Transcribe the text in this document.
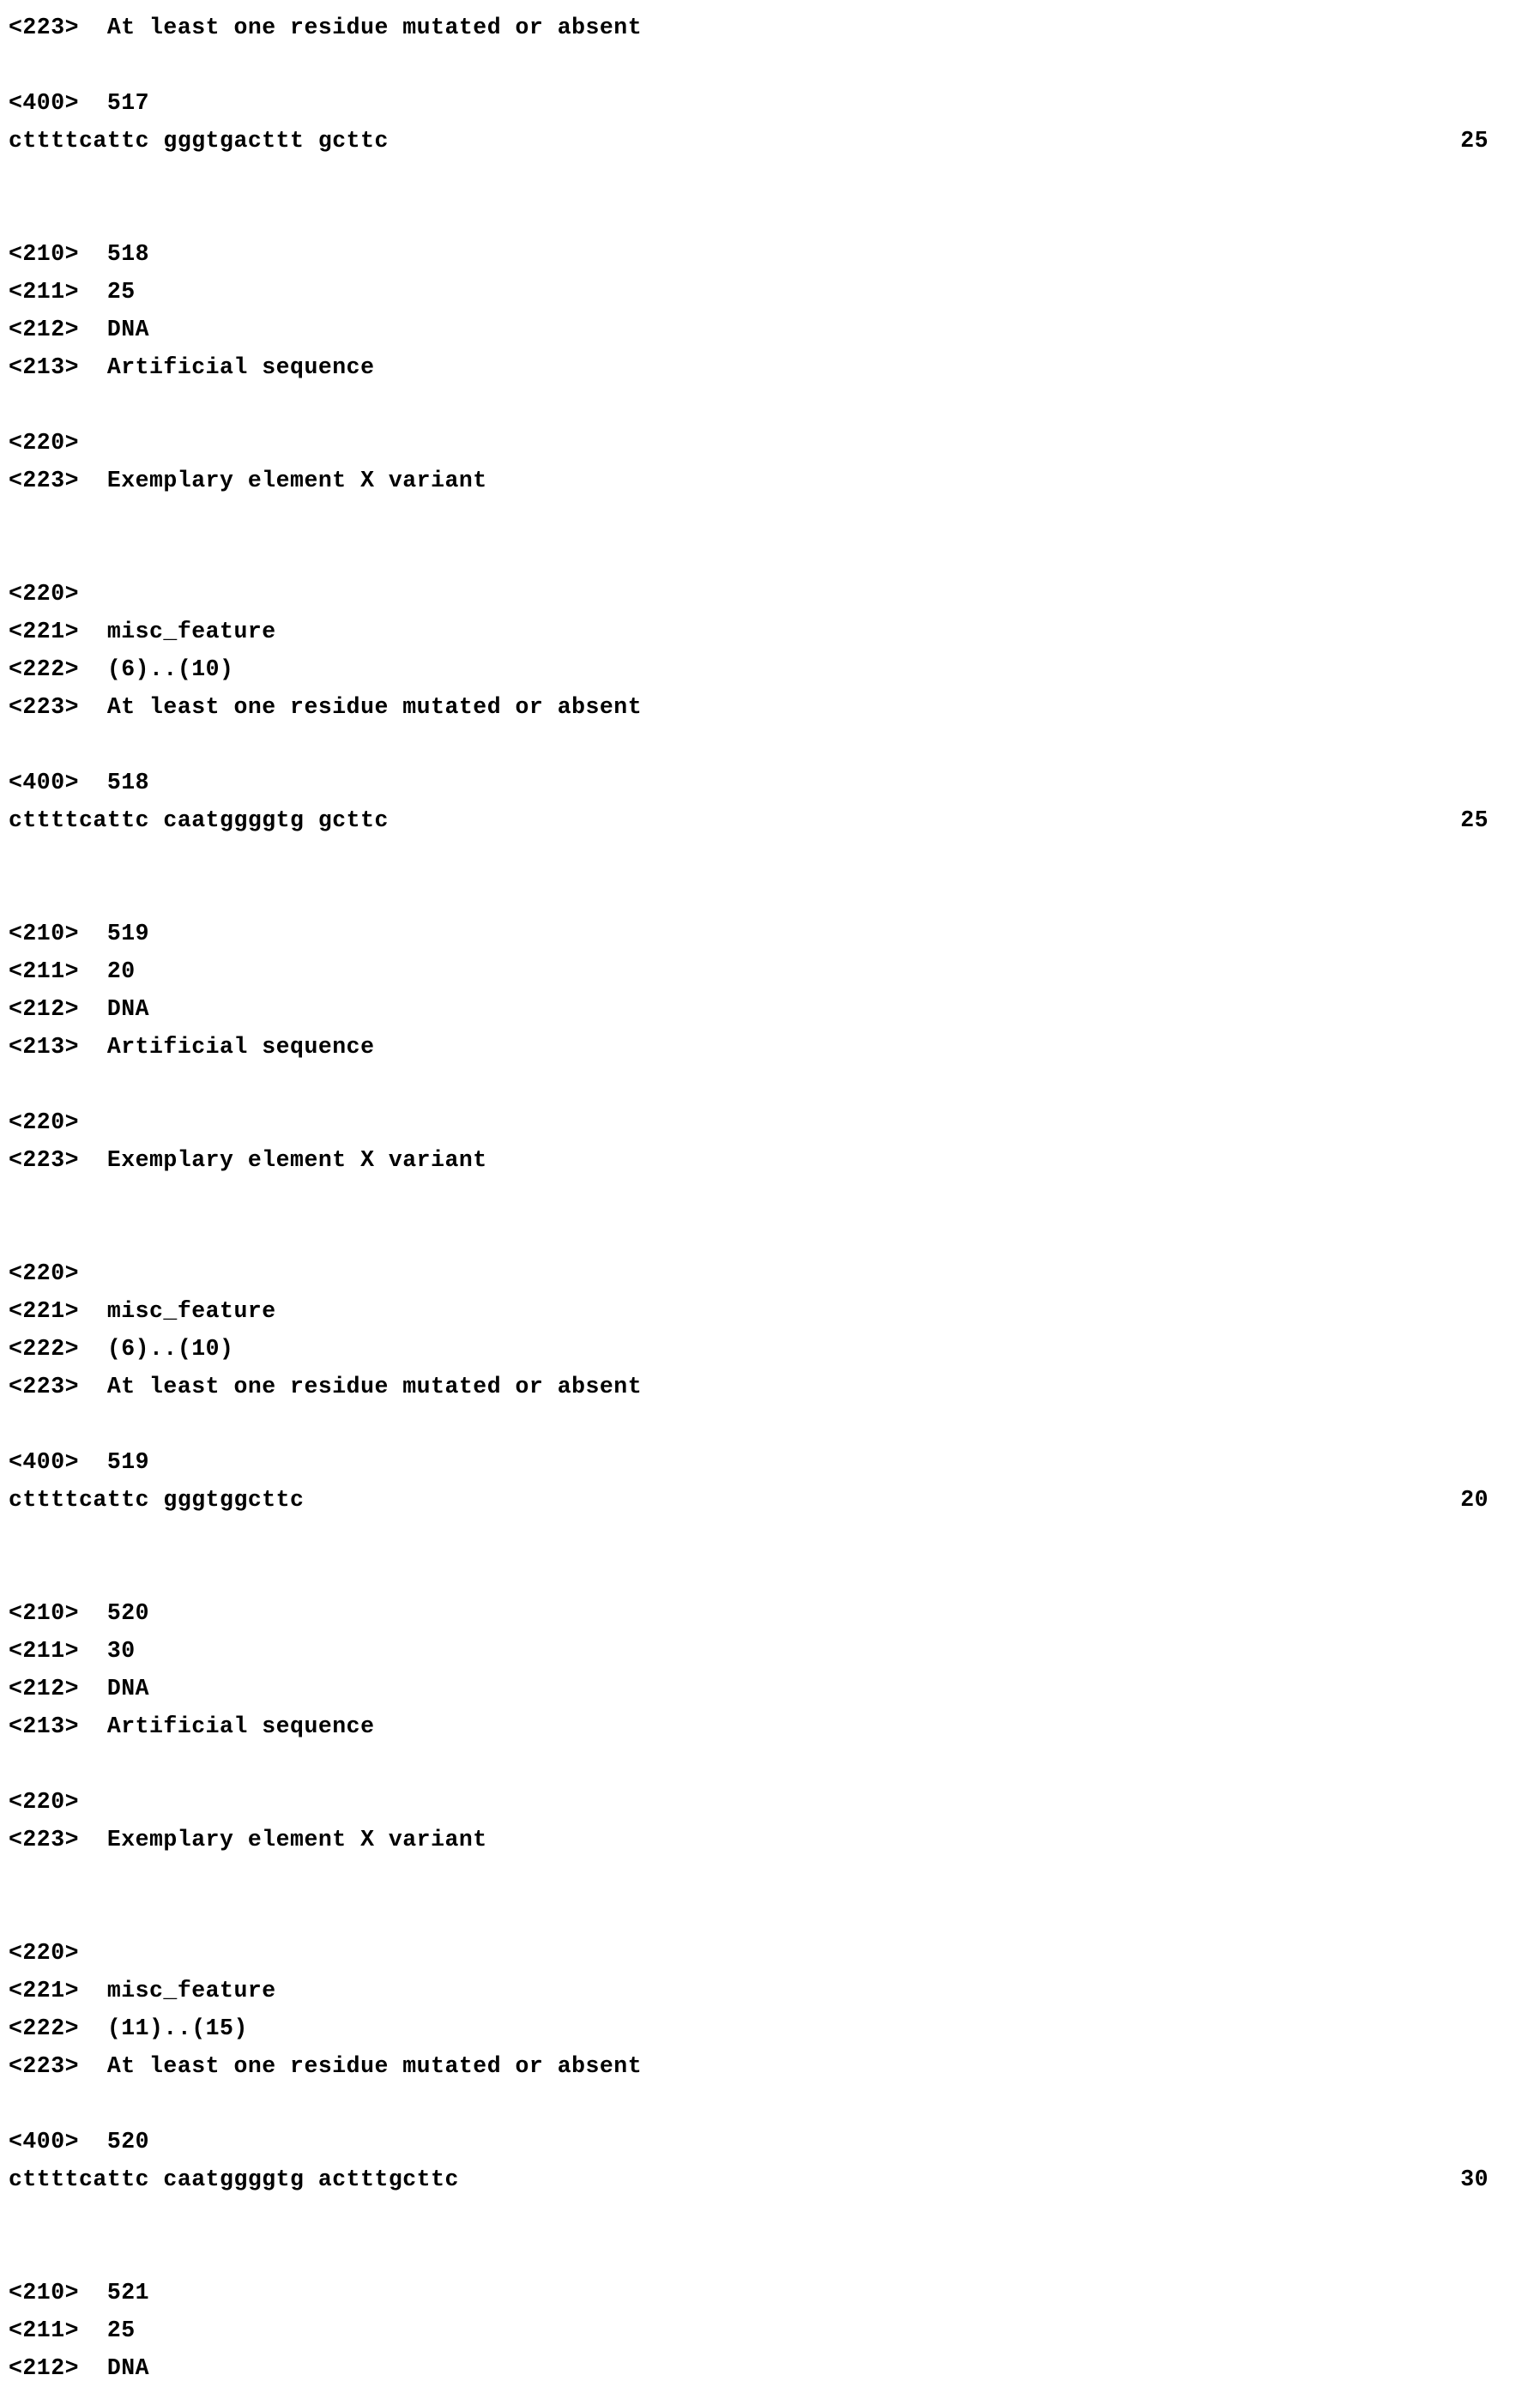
<223>  At least one residue mutated or absent
<400>  517
cttttcattc gggtgacttt gcttc	25
<210>  518
<211>  25
<212>  DNA
<213>  Artificial sequence
<220>
<223>  Exemplary element X variant
<220>
<221>  misc_feature
<222>  (6)..(10)
<223>  At least one residue mutated or absent
<400>  518
cttttcattc caatggggtg gcttc	25
<210>  519
<211>  20
<212>  DNA
<213>  Artificial sequence
<220>
<223>  Exemplary element X variant
<220>
<221>  misc_feature
<222>  (6)..(10)
<223>  At least one residue mutated or absent
<400>  519
cttttcattc gggtggcttc	20
<210>  520
<211>  30
<212>  DNA
<213>  Artificial sequence
<220>
<223>  Exemplary element X variant
<220>
<221>  misc_feature
<222>  (11)..(15)
<223>  At least one residue mutated or absent
<400>  520
cttttcattc caatggggtg actttgcttc	30
<210>  521
<211>  25
<212>  DNA
